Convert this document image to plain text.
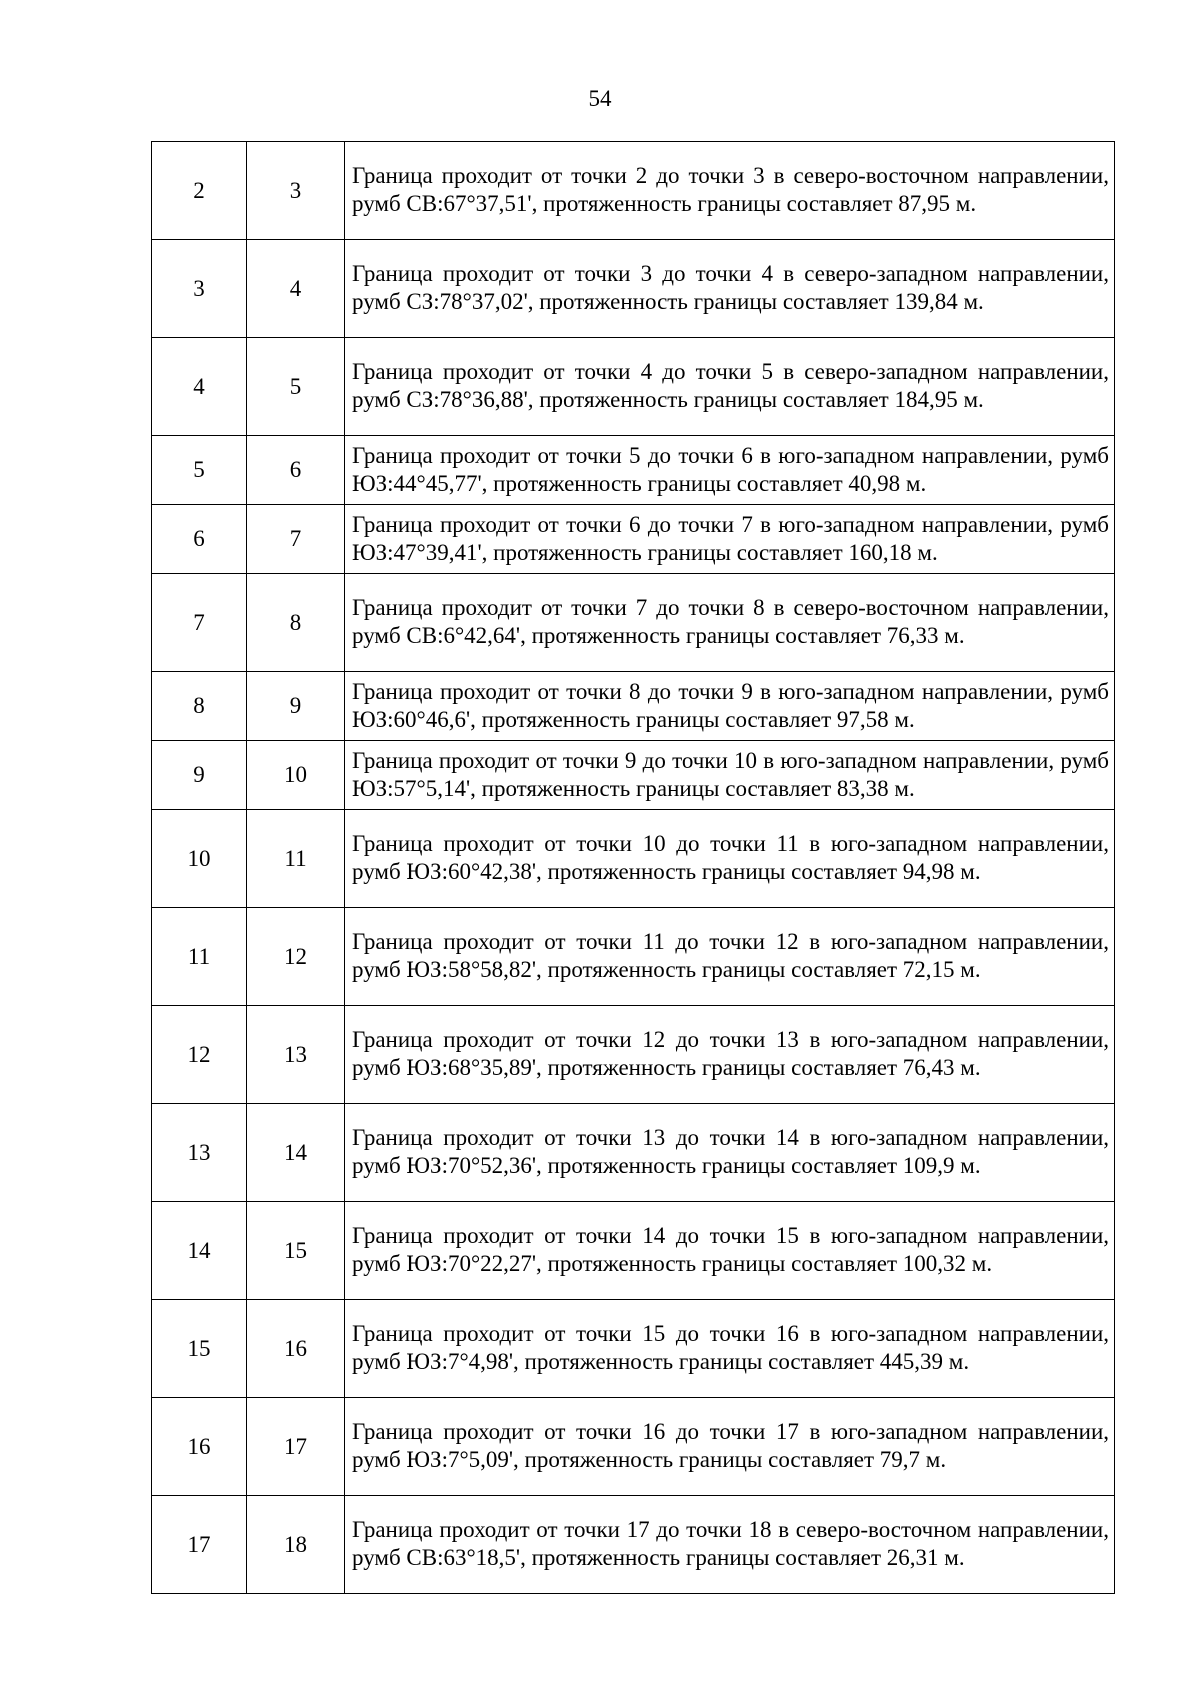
54
2	3	Граница проходит от точки 2 до точки 3 в северо-восточном направлении, румб СВ:67°37,51', протяженность границы составляет 87,95 м.
3	4	Граница проходит от точки 3 до точки 4 в северо-западном направлении, румб СЗ:78°37,02', протяженность границы составляет 139,84 м.
4	5	Граница проходит от точки 4 до точки 5 в северо-западном направлении, румб СЗ:78°36,88', протяженность границы составляет 184,95 м.
5	6	Граница проходит от точки 5 до точки 6 в юго-западном направлении, румб ЮЗ:44°45,77', протяженность границы составляет 40,98 м.
6	7	Граница проходит от точки 6 до точки 7 в юго-западном направлении, румб ЮЗ:47°39,41', протяженность границы составляет 160,18 м.
7	8	Граница проходит от точки 7 до точки 8 в северо-восточном направлении, румб СВ:6°42,64', протяженность границы составляет 76,33 м.
8	9	Граница проходит от точки 8 до точки 9 в юго-западном направлении, румб ЮЗ:60°46,6', протяженность границы составляет 97,58 м.
9	10	Граница проходит от точки 9 до точки 10 в юго-западном направлении, румб ЮЗ:57°5,14', протяженность границы составляет 83,38 м.
10	11	Граница проходит от точки 10 до точки 11 в юго-западном направлении, румб ЮЗ:60°42,38', протяженность границы составляет 94,98 м.
11	12	Граница проходит от точки 11 до точки 12 в юго-западном направлении, румб ЮЗ:58°58,82', протяженность границы составляет 72,15 м.
12	13	Граница проходит от точки 12 до точки 13 в юго-западном направлении, румб ЮЗ:68°35,89', протяженность границы составляет 76,43 м.
13	14	Граница проходит от точки 13 до точки 14 в юго-западном направлении, румб ЮЗ:70°52,36', протяженность границы составляет 109,9 м.
14	15	Граница проходит от точки 14 до точки 15 в юго-западном направлении, румб ЮЗ:70°22,27', протяженность границы составляет 100,32 м.
15	16	Граница проходит от точки 15 до точки 16 в юго-западном направлении, румб ЮЗ:7°4,98', протяженность границы составляет 445,39 м.
16	17	Граница проходит от точки 16 до точки 17 в юго-западном направлении, румб ЮЗ:7°5,09', протяженность границы составляет 79,7 м.
17	18	Граница проходит от точки 17 до точки 18 в северо-восточном направлении, румб СВ:63°18,5', протяженность границы составляет 26,31 м.
